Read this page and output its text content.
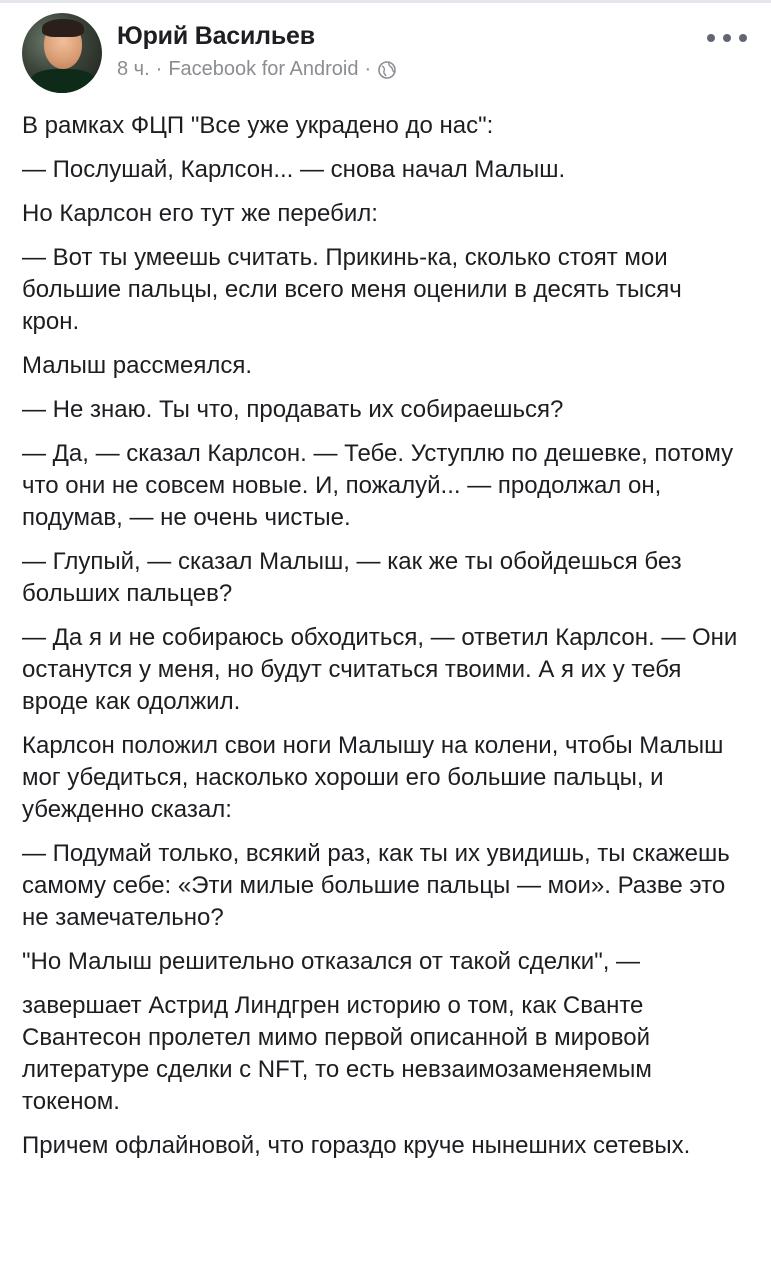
Юрий Васильев
8 ч. · Facebook for Android ·

В рамках ФЦП "Все уже украдено до нас":

— Послушай, Карлсон... — снова начал Малыш.

Но Карлсон его тут же перебил:

— Вот ты умеешь считать. Прикинь-ка, сколько стоят мои большие пальцы, если всего меня оценили в десять тысяч крон.

Малыш рассмеялся.

— Не знаю. Ты что, продавать их собираешься?

— Да, — сказал Карлсон. — Тебе. Уступлю по дешевке, потому что они не совсем новые. И, пожалуй... — продолжал он, подумав, — не очень чистые.

— Глупый, — сказал Малыш, — как же ты обойдешься без больших пальцев?

— Да я и не собираюсь обходиться, — ответил Карлсон. — Они останутся у меня, но будут считаться твоими. А я их у тебя вроде как одолжил.

Карлсон положил свои ноги Малышу на колени, чтобы Малыш мог убедиться, насколько хороши его большие пальцы, и убежденно сказал:

— Подумай только, всякий раз, как ты их увидишь, ты скажешь самому себе: «Эти милые большие пальцы — мои». Разве это не замечательно?

"Но Малыш решительно отказался от такой сделки", —

завершает Астрид Линдгрен историю о том, как Сванте Свантесон пролетел мимо первой описанной в мировой литературе сделки с NFT, то есть невзаимозаменяемым токеном.

Причем офлайновой, что гораздо круче нынешних сетевых.
